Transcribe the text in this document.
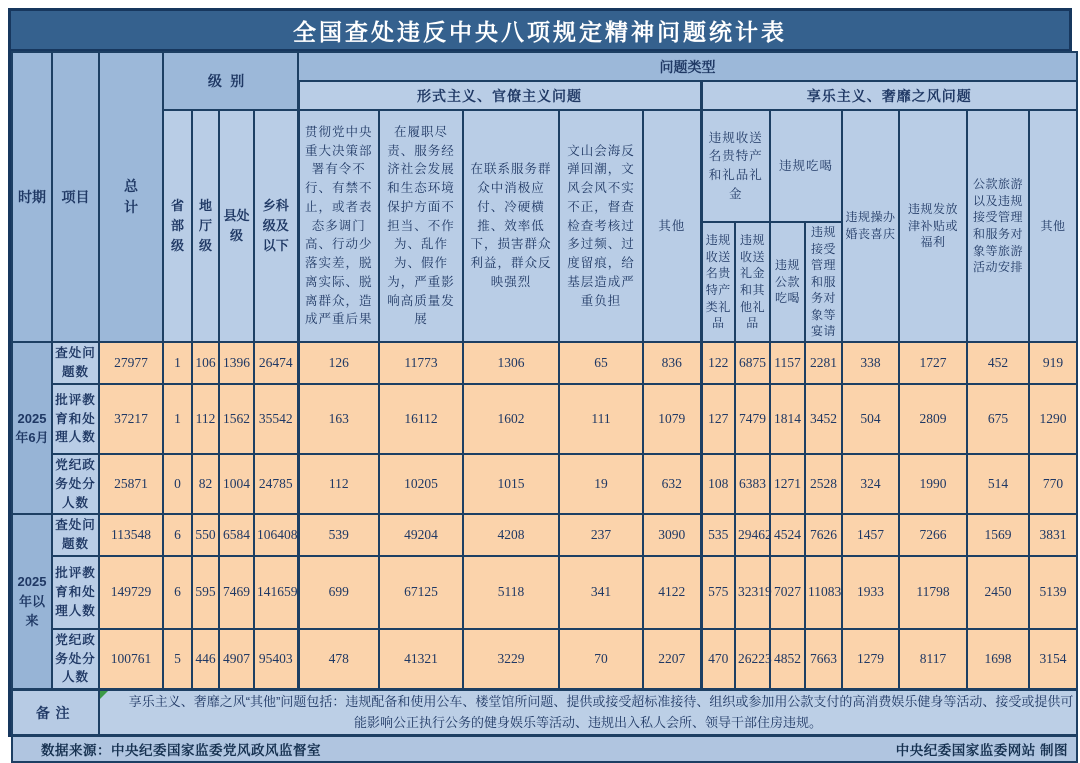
全国查处违反中央八项规定精神问题统计表
时期	项目	总计	级别				问题类型												
							形式主义、官僚主义问题					享乐主义、奢靡之风问题							
			省部级	地厅级	县处级	乡科级及以下	贯彻党中央重大决策部署有令不行、有禁不止，或者表态多调门高、行动少落实差，脱离实际、脱离群众，造成严重后果	在履职尽责、服务经济社会发展和生态环境保护方面不担当、不作为、乱作为、假作为，严重影响高质量发展	在联系服务群众中消极应付、冷硬横推、效率低下，损害群众利益，群众反映强烈	文山会海反弹回潮，文风会风不实不正，督查检查考核过多过频、过度留痕，给基层造成严重负担	其他	违规收送名贵特产和礼品礼金		违规吃喝		违规操办婚丧喜庆	违规发放津补贴或福利	公款旅游以及违规接受管理和服务对象等旅游活动安排	其他
												违规收送名贵特产类礼品	违规收送礼金和其他礼品	违规公款吃喝	违规接受管理和服务对象等宴请				

2025年6月	查处问题数	27977	1	106	1396	26474	126	11773	1306	65	836	122	6875	1157	2281	338	1727	452	919
	批评教育和处理人数	37217	1	112	1562	35542	163	16112	1602	111	1079	127	7479	1814	3452	504	2809	675	1290
	党纪政务处分人数	25871	0	82	1004	24785	112	10205	1015	19	632	108	6383	1271	2528	324	1990	514	770

2025年以来	查处问题数	113548	6	550	6584	106408	539	49204	4208	237	3090	535	29462	4524	7626	1457	7266	1569	3831
	批评教育和处理人数	149729	6	595	7469	141659	699	67125	5118	341	4122	575	32319	7027	11083	1933	11798	2450	5139
	党纪政务处分人数	100761	5	446	4907	95403	478	41321	3229	70	2207	470	26223	4852	7663	1279	8117	1698	3154
备注		享乐主义、奢靡之风“其他”问题包括：违规配备和使用公车、楼堂馆所问题、提供或接受超标准接待、组织或参加用公款支付的高消费娱乐健身等活动、接受或提供可能影响公正执行公务的健身娱乐等活动、违规出入私人会所、领导干部住房违规。																	

数据来源：中央纪委国家监委党风政风监督室 中央纪委国家监委网站 制图																			
